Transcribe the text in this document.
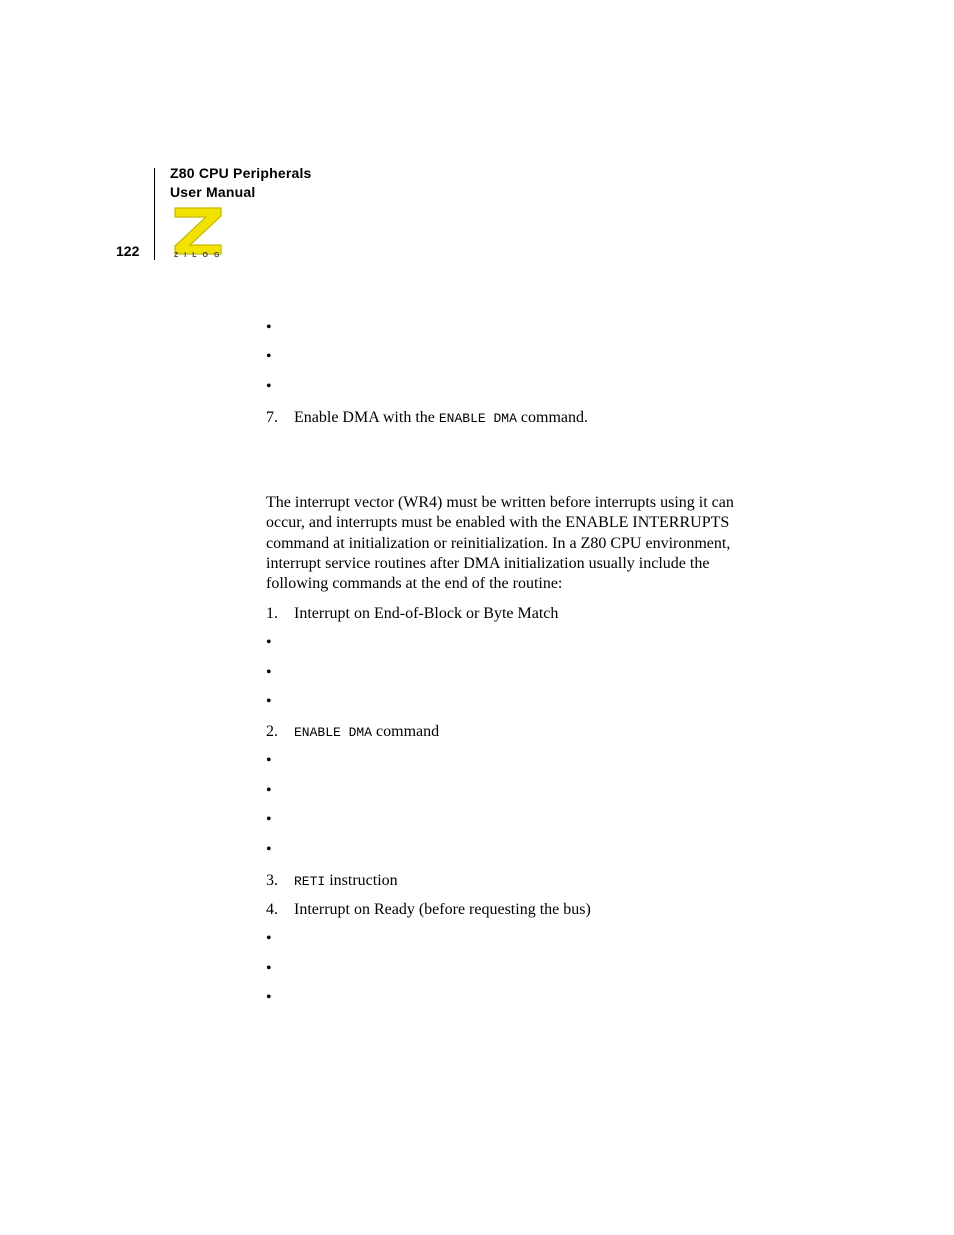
Z80 CPU Peripherals
User Manual
122	ZILOG
•
•
•
7. Enable DMA with the ENABLE DMA command.
The interrupt vector (WR4) must be written before interrupts using it can occur, and interrupts must be enabled with the ENABLE INTERRUPTS command at initialization or reinitialization. In a Z80 CPU environment, interrupt service routines after DMA initialization usually include the following commands at the end of the routine:
1. Interrupt on End-of-Block or Byte Match
•
•
•
2. ENABLE DMA command
•
•
•
•
3. RETI instruction
4. Interrupt on Ready (before requesting the bus)
•
•
•
